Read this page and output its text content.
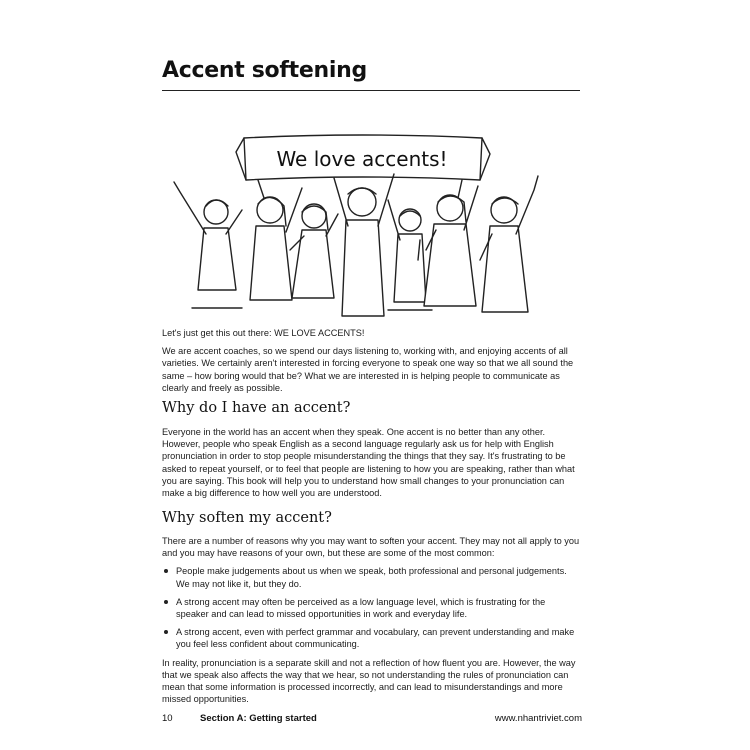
Accent softening
We love accents!

Let's just get this out there: WE LOVE ACCENTS!

We are accent coaches, so we spend our days listening to, working with, and enjoying accents of all varieties. We certainly aren't interested in forcing everyone to speak one way so that we all sound the same – how boring would that be? What we are interested in is helping people to communicate as clearly and freely as possible.

Why do I have an accent?

Everyone in the world has an accent when they speak. One accent is no better than any other. However, people who speak English as a second language regularly ask us for help with English pronunciation in order to stop people misunderstanding the things that they say. It's frustrating to be asked to repeat yourself, or to feel that people are listening to how you are speaking, rather than what you are saying. This book will help you to understand how small changes to your pronunciation can make a big difference to how well you are understood.

Why soften my accent?

There are a number of reasons why you may want to soften your accent. They may not all apply to you and you may have reasons of your own, but these are some of the most common:

People make judgements about us when we speak, both professional and personal judgements. We may not like it, but they do.
A strong accent may often be perceived as a low language level, which is frustrating for the speaker and can lead to missed opportunities in work and everyday life.
A strong accent, even with perfect grammar and vocabulary, can prevent understanding and make you feel less confident about communicating.

In reality, pronunciation is a separate skill and not a reflection of how fluent you are. However, the way that we speak also affects the way that we hear, so not understanding the rules of pronunciation can mean that some information is processed incorrectly, and can lead to misunderstandings and more missed opportunities.

10	Section A: Getting started	www.nhantriviet.com
